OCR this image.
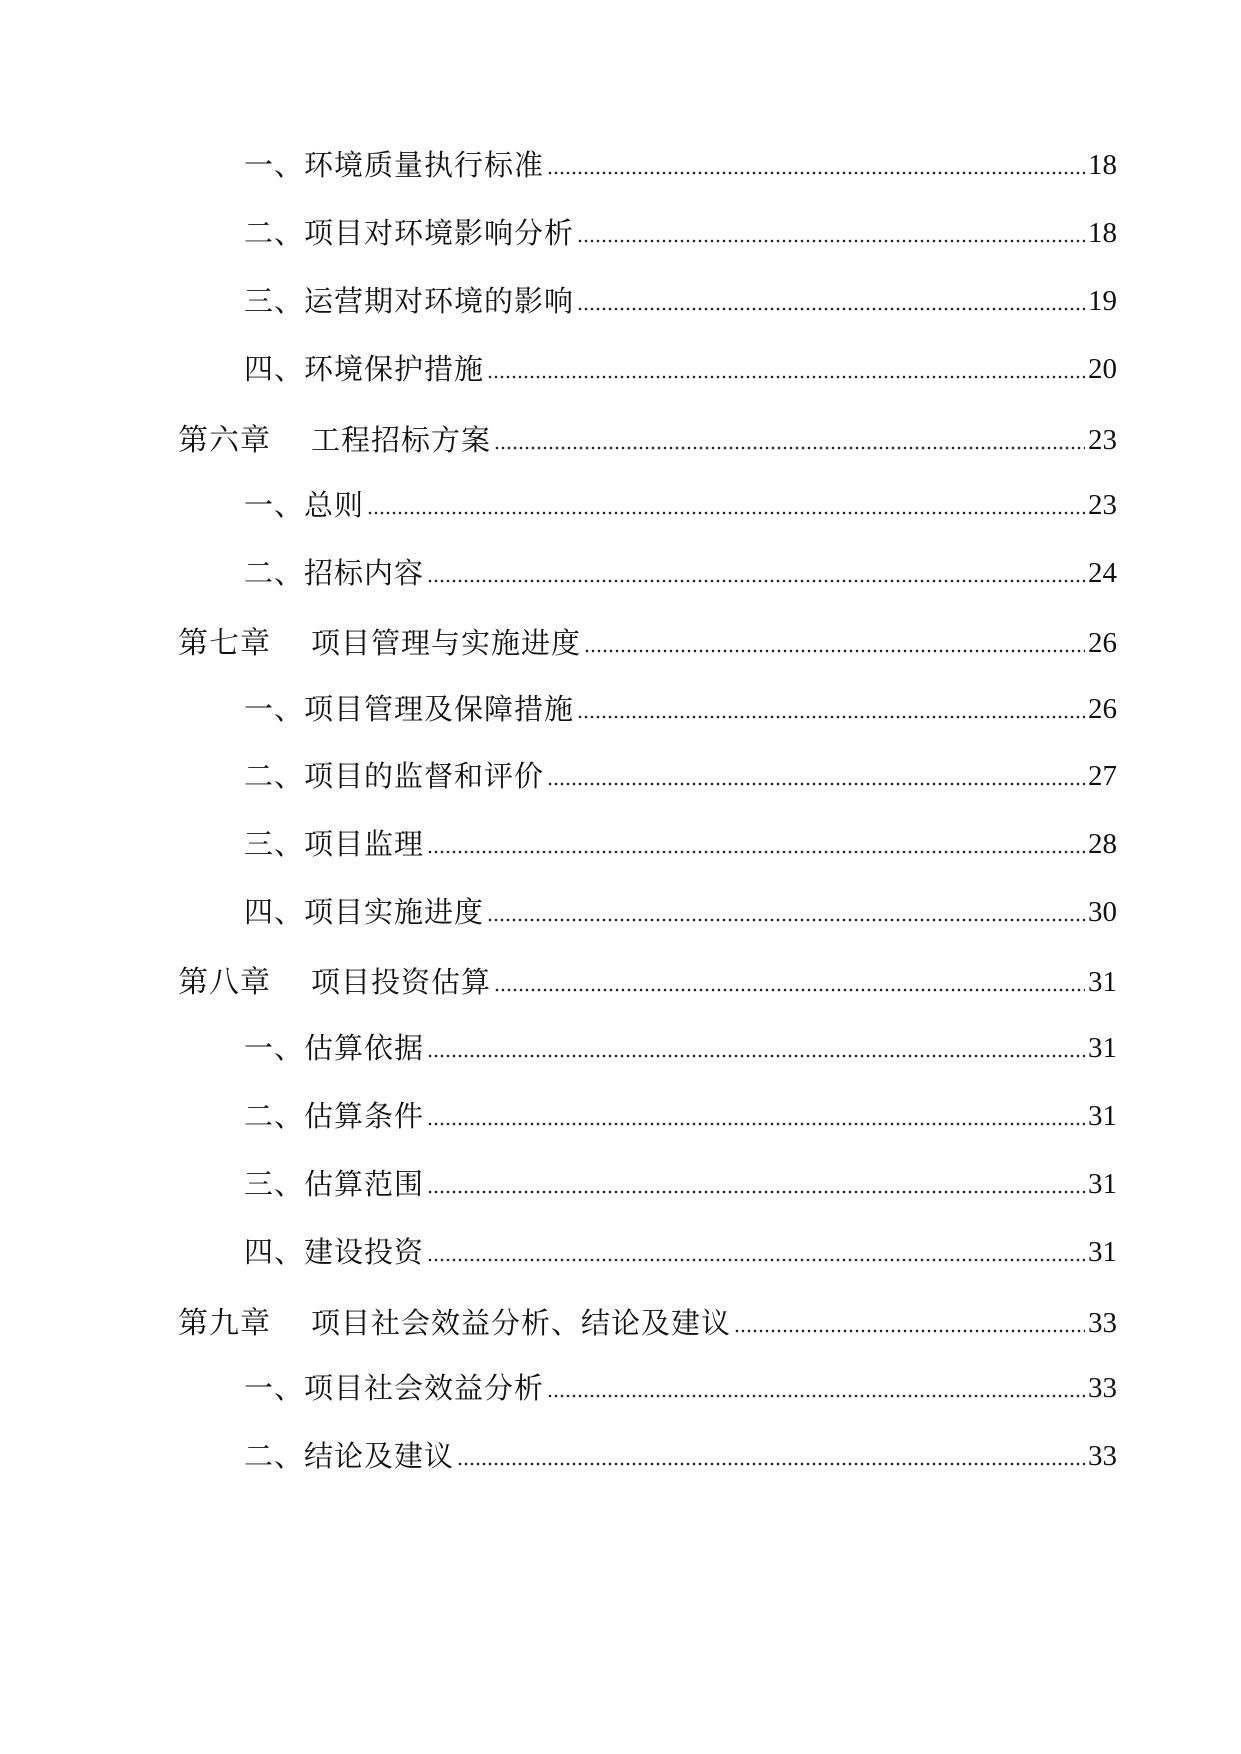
一、环境质量执行标准	18
二、项目对环境影响分析	18
三、运营期对环境的影响	19
四、环境保护措施	20
第六章 工程招标方案	23
一、总则	23
二、招标内容	24
第七章 项目管理与实施进度	26
一、项目管理及保障措施	26
二、项目的监督和评价	27
三、项目监理	28
四、项目实施进度	30
第八章 项目投资估算	31
一、估算依据	31
二、估算条件	31
三、估算范围	31
四、建设投资	31
第九章 项目社会效益分析、结论及建议	33
一、项目社会效益分析	33
二、结论及建议	33
